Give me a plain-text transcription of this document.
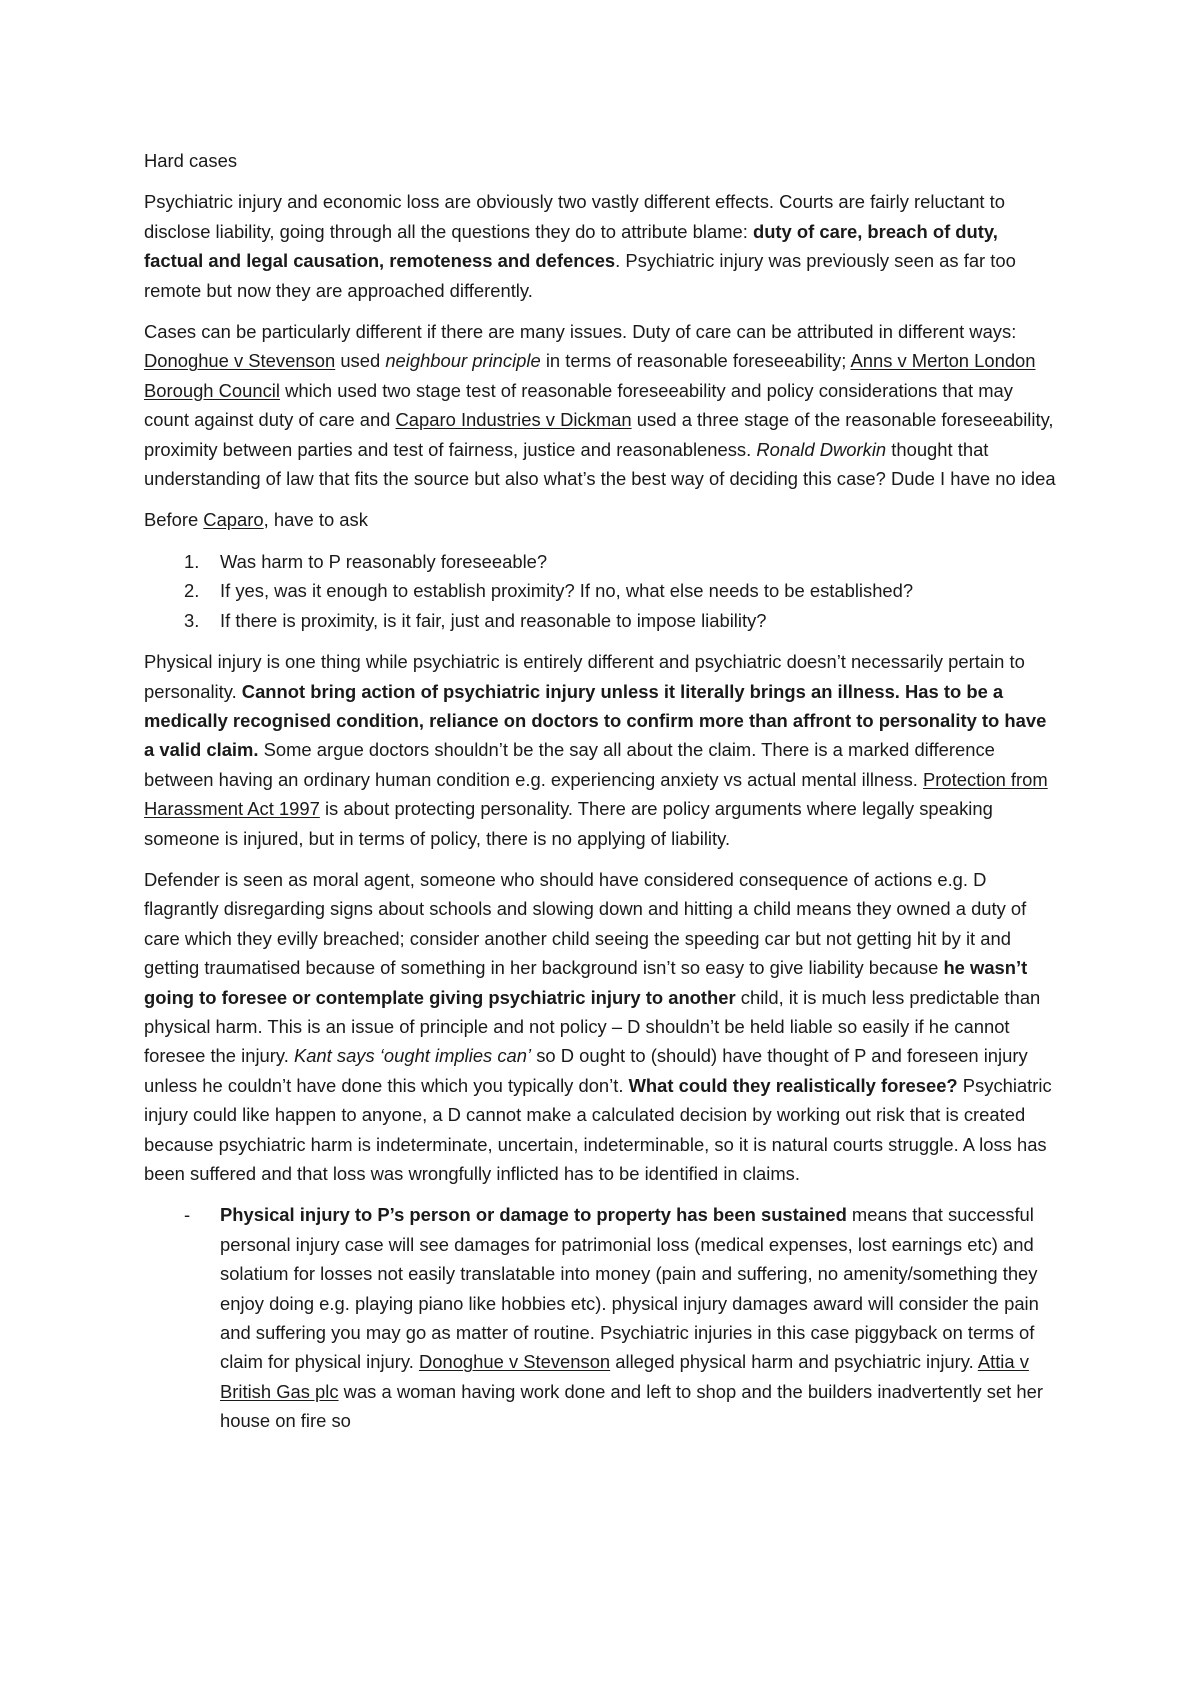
Hard cases

Psychiatric injury and economic loss are obviously two vastly different effects. Courts are fairly reluctant to disclose liability, going through all the questions they do to attribute blame: duty of care, breach of duty, factual and legal causation, remoteness and defences. Psychiatric injury was previously seen as far too remote but now they are approached differently.

Cases can be particularly different if there are many issues. Duty of care can be attributed in different ways: Donoghue v Stevenson used neighbour principle in terms of reasonable foreseeability; Anns v Merton London Borough Council which used two stage test of reasonable foreseeability and policy considerations that may count against duty of care and Caparo Industries v Dickman used a three stage of the reasonable foreseeability, proximity between parties and test of fairness, justice and reasonableness. Ronald Dworkin thought that understanding of law that fits the source but also what’s the best way of deciding this case? Dude I have no idea

Before Caparo, have to ask

1. Was harm to P reasonably foreseeable?
2. If yes, was it enough to establish proximity? If no, what else needs to be established?
3. If there is proximity, is it fair, just and reasonable to impose liability?

Physical injury is one thing while psychiatric is entirely different and psychiatric doesn’t necessarily pertain to personality. Cannot bring action of psychiatric injury unless it literally brings an illness. Has to be a medically recognised condition, reliance on doctors to confirm more than affront to personality to have a valid claim. Some argue doctors shouldn’t be the say all about the claim. There is a marked difference between having an ordinary human condition e.g. experiencing anxiety vs actual mental illness. Protection from Harassment Act 1997 is about protecting personality. There are policy arguments where legally speaking someone is injured, but in terms of policy, there is no applying of liability.

Defender is seen as moral agent, someone who should have considered consequence of actions e.g. D flagrantly disregarding signs about schools and slowing down and hitting a child means they owned a duty of care which they evilly breached; consider another child seeing the speeding car but not getting hit by it and getting traumatised because of something in her background isn’t so easy to give liability because he wasn’t going to foresee or contemplate giving psychiatric injury to another child, it is much less predictable than physical harm. This is an issue of principle and not policy – D shouldn’t be held liable so easily if he cannot foresee the injury. Kant says ‘ought implies can’ so D ought to (should) have thought of P and foreseen injury unless he couldn’t have done this which you typically don’t. What could they realistically foresee? Psychiatric injury could like happen to anyone, a D cannot make a calculated decision by working out risk that is created because psychiatric harm is indeterminate, uncertain, indeterminable, so it is natural courts struggle. A loss has been suffered and that loss was wrongfully inflicted has to be identified in claims.

- Physical injury to P’s person or damage to property has been sustained means that successful personal injury case will see damages for patrimonial loss (medical expenses, lost earnings etc) and solatium for losses not easily translatable into money (pain and suffering, no amenity/something they enjoy doing e.g. playing piano like hobbies etc). physical injury damages award will consider the pain and suffering you may go as matter of routine. Psychiatric injuries in this case piggyback on terms of claim for physical injury. Donoghue v Stevenson alleged physical harm and psychiatric injury. Attia v British Gas plc was a woman having work done and left to shop and the builders inadvertently set her house on fire so
